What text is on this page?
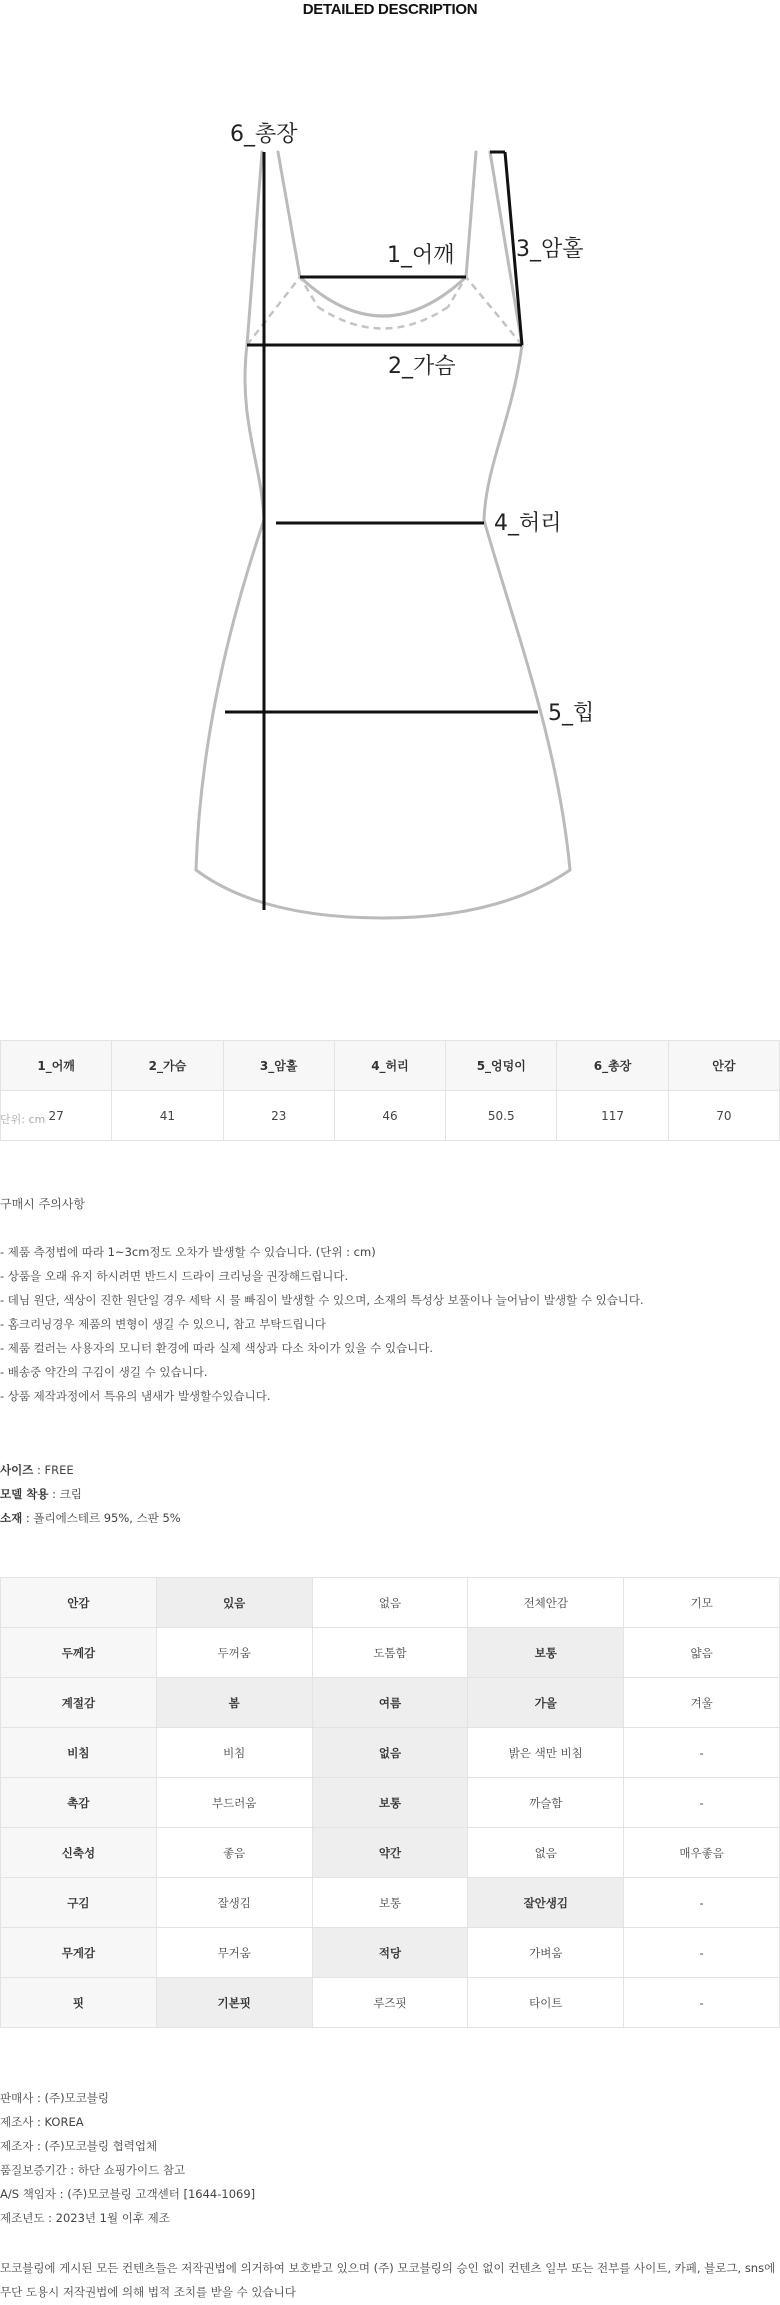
DETAILED DESCRIPTION
6_총장
1_어깨	3_암홀
2_가슴
4_허리
5_힙
1_어깨	2_가슴	3_암홀	4_허리	5_엉덩이	6_총장	안감
27	41	23	46	50.5	117	70
단위: cm
구매시 주의사항
- 제품 측정법에 따라 1~3cm정도 오차가 발생할 수 있습니다. (단위 : cm)
- 상품을 오래 유지 하시려면 반드시 드라이 크리닝을 권장해드립니다.
- 데님 원단, 색상이 진한 원단일 경우 세탁 시 물 빠짐이 발생할 수 있으며, 소재의 특성상 보풀이나 늘어남이 발생할 수 있습니다.
- 홈크리닝경우 제품의 변형이 생길 수 있으니, 참고 부탁드립니다
- 제품 컬러는 사용자의 모니터 환경에 따라 실제 색상과 다소 차이가 있을 수 있습니다.
- 배송중 약간의 구김이 생길 수 있습니다.
- 상품 제작과정에서 특유의 냄새가 발생할수있습니다.
사이즈 : FREE
모델 착용 : 크림
소재 : 폴리에스테르 95%, 스판 5%
안감	있음	없음	전체안감	기모
두께감	두꺼움	도톰함	보통	얇음
계절감	봄	여름	가을	겨울
비침	비침	없음	밝은 색만 비침	-
촉감	부드러움	보통	까슬함	-
신축성	좋음	약간	없음	매우좋음
구김	잘생김	보통	잘안생김	-
무게감	무거움	적당	가벼움	-
핏	기본핏	루즈핏	타이트	-
판매사 : (주)모코블링
제조사 : KOREA
제조자 : (주)모코블링 협력업체
품질보증기간 : 하단 쇼핑가이드 참고
A/S 책임자 : (주)모코블링 고객센터 [1644-1069]
제조년도 : 2023년 1월 이후 제조
모코블링에 게시된 모든 컨텐츠들은 저작권법에 의거하여 보호받고 있으며 (주) 모코블링의 승인 없이 컨텐츠 일부 또는 전부를 사이트, 카페, 블로그, sns에
무단 도용시 저작권법에 의해 법적 조치를 받을 수 있습니다
